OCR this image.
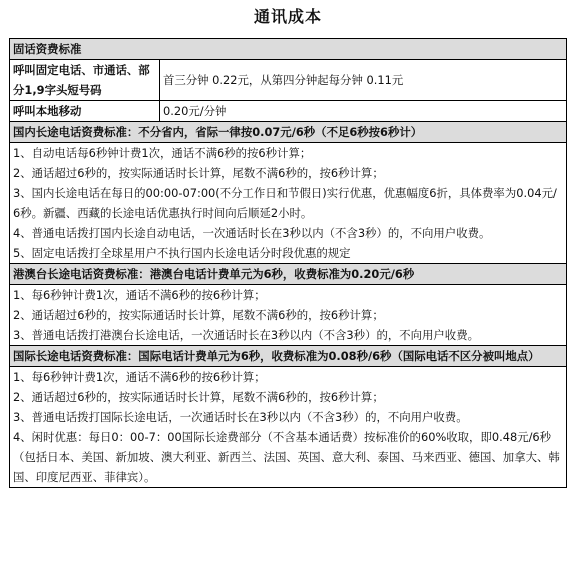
通讯成本
固话资费标准	
呼叫固定电话、市通话、部分1,9字头短号码	首三分钟 0.22元，从第四分钟起每分钟 0.11元
呼叫本地移动	0.20元/分钟
国内长途电话资费标准：不分省内，省际一律按0.07元/6秒（不足6秒按6秒计）	

1、自动电话每6秒钟计费1次，通话不满6秒的按6秒计算；
2、通话超过6秒的，按实际通话时长计算，尾数不满6秒的，按6秒计算；
3、国内长途电话在每日的00:00-07:00(不分工作日和节假日)实行优惠，优惠幅度6折，具体费率为0.04元/6秒。新疆、西藏的长途电话优惠执行时间向后顺延2小时。
4、普通电话拨打国内长途自动电话，一次通话时长在3秒以内（不含3秒）的，不向用户收费。
5、固定电话拨打全球星用户不执行国内长途电话分时段优惠的规定	

港澳台长途电话资费标准：港澳台电话计费单元为6秒，收费标准为0.20元/6秒	

1、每6秒钟计费1次，通话不满6秒的按6秒计算；
2、通话超过6秒的，按实际通话时长计算，尾数不满6秒的，按6秒计算；
3、普通电话拨打港澳台长途电话，一次通话时长在3秒以内（不含3秒）的，不向用户收费。	

国际长途电话资费标准：国际电话计费单元为6秒，收费标准为0.08秒/6秒（国际电话不区分被叫地点）	

1、每6秒钟计费1次，通话不满6秒的按6秒计算；
2、通话超过6秒的，按实际通话时长计算，尾数不满6秒的，按6秒计算；
3、普通电话拨打国际长途电话，一次通话时长在3秒以内（不含3秒）的，不向用户收费。
4、闲时优惠：每日0：00-7：00国际长途费部分（不含基本通话费）按标准价的60%收取，即0.48元/6秒（包括日本、美国、新加坡、澳大利亚、新西兰、法国、英国、意大利、泰国、马来西亚、德国、加拿大、韩国、印度尼西亚、菲律宾）。	
